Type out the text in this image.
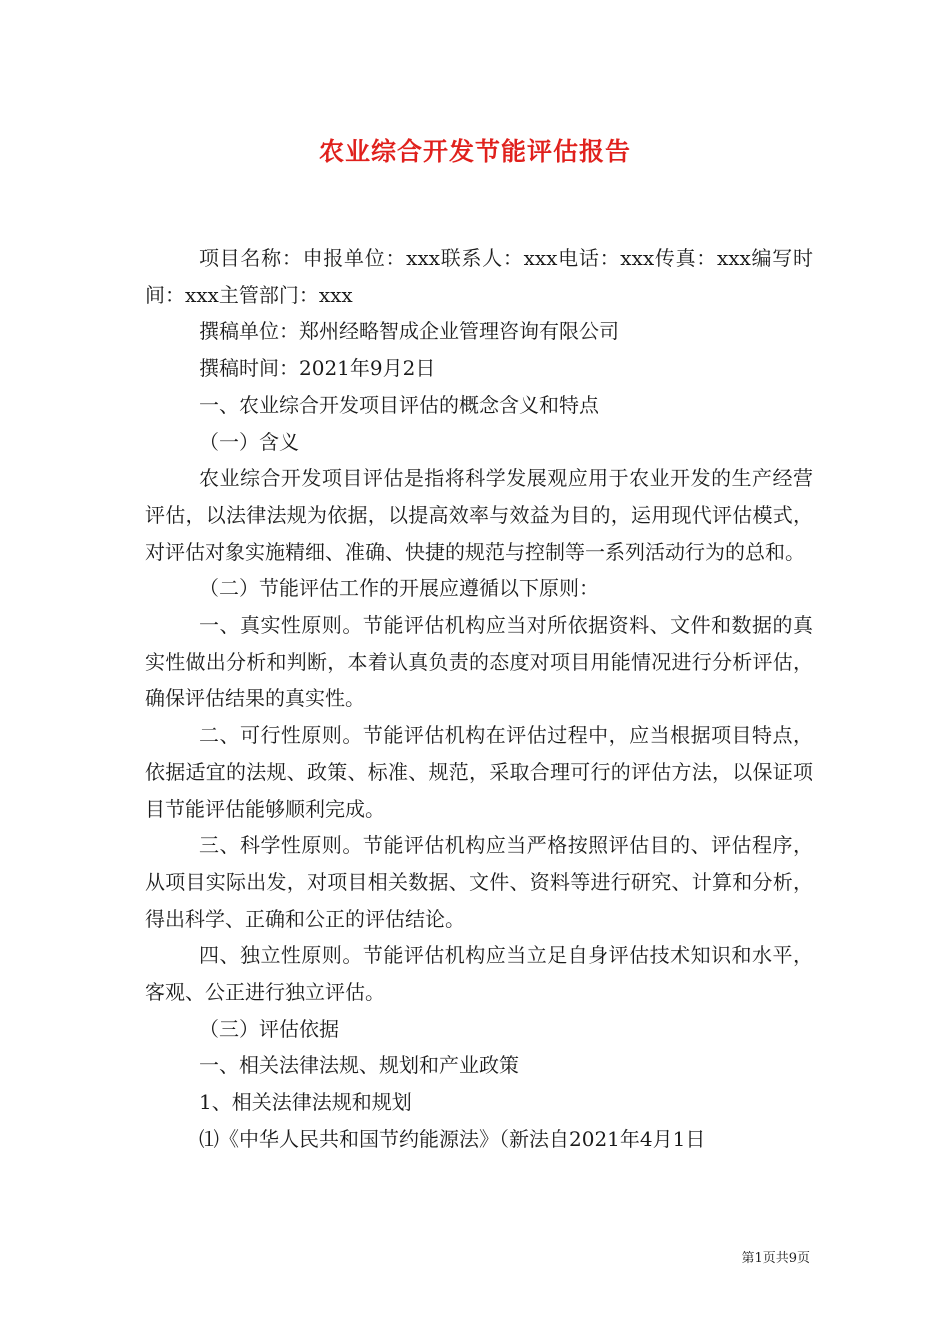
农业综合开发节能评估报告

项目名称：申报单位：xxx联系人：xxx电话：xxx传真：xxx编写时间：xxx主管部门：xxx

撰稿单位：郑州经略智成企业管理咨询有限公司

撰稿时间：2021年9月2日

一、农业综合开发项目评估的概念含义和特点

（一）含义

农业综合开发项目评估是指将科学发展观应用于农业开发的生产经营评估，以法律法规为依据，以提高效率与效益为目的，运用现代评估模式，对评估对象实施精细、准确、快捷的规范与控制等一系列活动行为的总和。

（二）节能评估工作的开展应遵循以下原则：

一、真实性原则。节能评估机构应当对所依据资料、文件和数据的真实性做出分析和判断，本着认真负责的态度对项目用能情况进行分析评估，确保评估结果的真实性。

二、可行性原则。节能评估机构在评估过程中，应当根据项目特点，依据适宜的法规、政策、标准、规范，采取合理可行的评估方法，以保证项目节能评估能够顺利完成。

三、科学性原则。节能评估机构应当严格按照评估目的、评估程序，从项目实际出发，对项目相关数据、文件、资料等进行研究、计算和分析，得出科学、正确和公正的评估结论。

四、独立性原则。节能评估机构应当立足自身评估技术知识和水平，客观、公正进行独立评估。

（三）评估依据

一、相关法律法规、规划和产业政策

1、相关法律法规和规划

⑴《中华人民共和国节约能源法》（新法自2021年4月1日

第1页共9页
